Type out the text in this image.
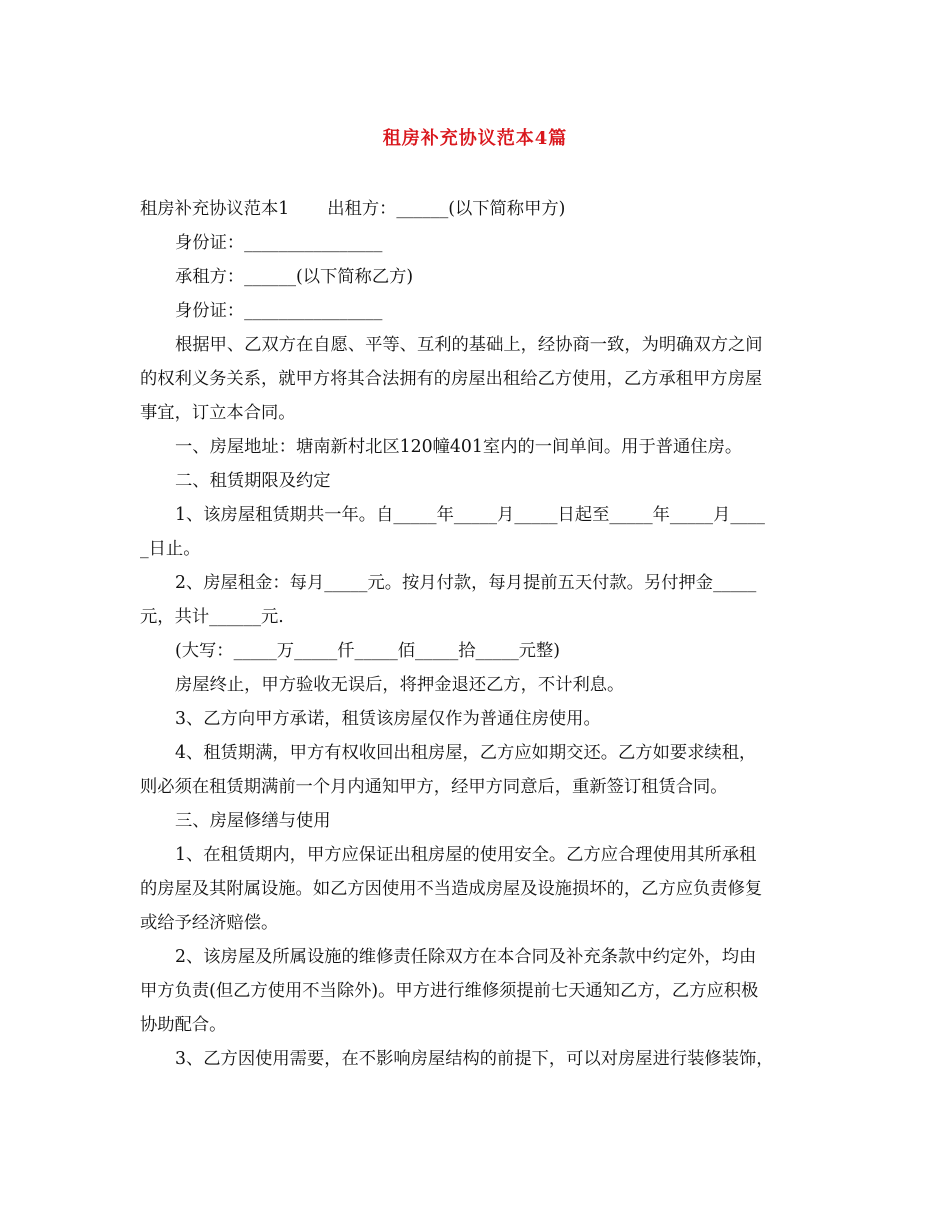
租房补充协议范本4篇
租房补充协议范本1 出租方：______(以下简称甲方)
身份证：________________
承租方：______(以下简称乙方)
身份证：________________
根据甲、乙双方在自愿、平等、互利的基础上，经协商一致，为明确双方之间
的权利义务关系，就甲方将其合法拥有的房屋出租给乙方使用，乙方承租甲方房屋
事宜，订立本合同。
一、房屋地址：塘南新村北区120幢401室内的一间单间。用于普通住房。
二、租赁期限及约定
1、该房屋租赁期共一年。自_____年_____月_____日起至_____年_____月____
_日止。
2、房屋租金：每月_____元。按月付款，每月提前五天付款。另付押金_____
元，共计______元.
(大写：_____万_____仟_____佰_____拾_____元整)
房屋终止，甲方验收无误后，将押金退还乙方，不计利息。
3、乙方向甲方承诺，租赁该房屋仅作为普通住房使用。
4、租赁期满，甲方有权收回出租房屋，乙方应如期交还。乙方如要求续租，
则必须在租赁期满前一个月内通知甲方，经甲方同意后，重新签订租赁合同。
三、房屋修缮与使用
1、在租赁期内，甲方应保证出租房屋的使用安全。乙方应合理使用其所承租
的房屋及其附属设施。如乙方因使用不当造成房屋及设施损坏的，乙方应负责修复
或给予经济赔偿。
2、该房屋及所属设施的维修责任除双方在本合同及补充条款中约定外，均由
甲方负责(但乙方使用不当除外)。甲方进行维修须提前七天通知乙方，乙方应积极
协助配合。
3、乙方因使用需要，在不影响房屋结构的前提下，可以对房屋进行装修装饰，
